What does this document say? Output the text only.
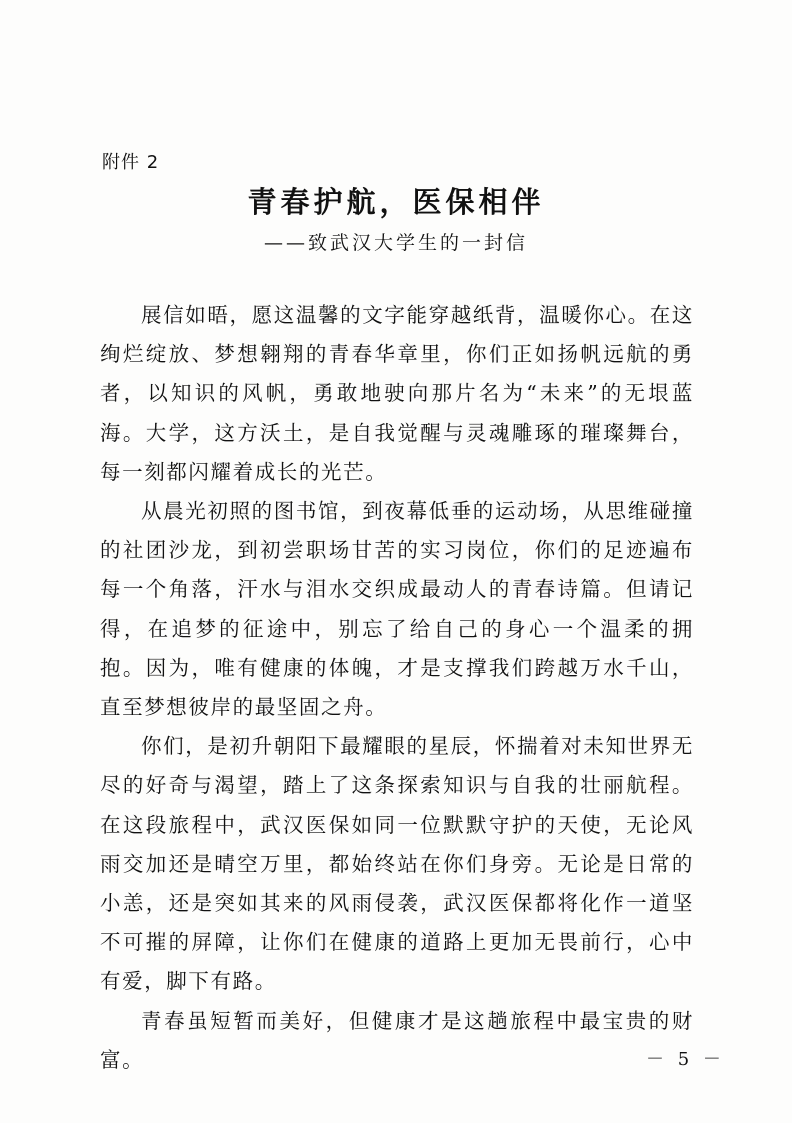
附件 2
青春护航，医保相伴
——致武汉大学生的一封信

展信如晤，愿这温馨的文字能穿越纸背，温暖你心。在这绚烂绽放、梦想翱翔的青春华章里，你们正如扬帆远航的勇者，以知识的风帆，勇敢地驶向那片名为“未来”的无垠蓝海。大学，这方沃土，是自我觉醒与灵魂雕琢的璀璨舞台，每一刻都闪耀着成长的光芒。

从晨光初照的图书馆，到夜幕低垂的运动场，从思维碰撞的社团沙龙，到初尝职场甘苦的实习岗位，你们的足迹遍布每一个角落，汗水与泪水交织成最动人的青春诗篇。但请记得，在追梦的征途中，别忘了给自己的身心一个温柔的拥抱。因为，唯有健康的体魄，才是支撑我们跨越万水千山，直至梦想彼岸的最坚固之舟。

你们，是初升朝阳下最耀眼的星辰，怀揣着对未知世界无尽的好奇与渴望，踏上了这条探索知识与自我的壮丽航程。在这段旅程中，武汉医保如同一位默默守护的天使，无论风雨交加还是晴空万里，都始终站在你们身旁。无论是日常的小恙，还是突如其来的风雨侵袭，武汉医保都将化作一道坚不可摧的屏障，让你们在健康的道路上更加无畏前行，心中有爱，脚下有路。

青春虽短暂而美好，但健康才是这趟旅程中最宝贵的财富。	－ 5 －
